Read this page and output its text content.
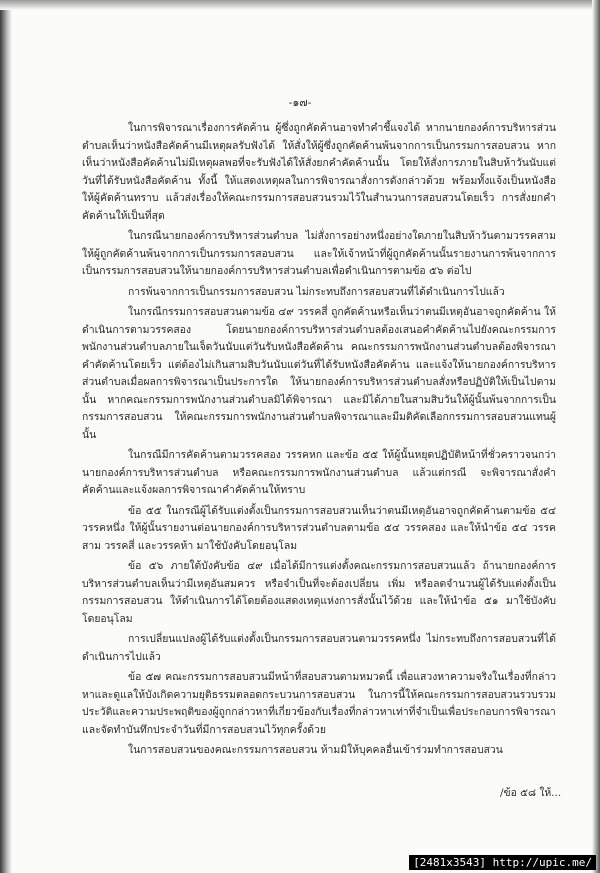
-๑๗-

ในการพิจารณาเรื่องการคัดค้าน ผู้ซึ่งถูกคัดค้านอาจทำคำชี้แจงได้ หากนายกองค์การบริหารส่วนตำบลเห็นว่าหนังสือคัดค้านมีเหตุผลรับฟังได้ ให้สั่งให้ผู้ซึ่งถูกคัดค้านพ้นจากการเป็นกรรมการสอบสวน หากเห็นว่าหนังสือคัดค้านไม่มีเหตุผลพอที่จะรับฟังได้ให้สั่งยกคำคัดค้านนั้น โดยให้สั่งการภายในสิบห้าวันนับแต่วันที่ได้รับหนังสือคัดค้าน ทั้งนี้ ให้แสดงเหตุผลในการพิจารณาสั่งการดังกล่าวด้วย พร้อมทั้งแจ้งเป็นหนังสือให้ผู้คัดค้านทราบ แล้วส่งเรื่องให้คณะกรรมการสอบสวนรวมไว้ในสำนวนการสอบสวนโดยเร็ว การสั่งยกคำคัดค้านให้เป็นที่สุด

ในกรณีนายกองค์การบริหารส่วนตำบล ไม่สั่งการอย่างหนึ่งอย่างใดภายในสิบห้าวันตามวรรคสาม ให้ผู้ถูกคัดค้านพ้นจากการเป็นกรรมการสอบสวน และให้เจ้าหน้าที่ผู้ถูกคัดค้านนั้นรายงานการพ้นจากการเป็นกรรมการสอบสวนให้นายกองค์การบริหารส่วนตำบลเพื่อดำเนินการตามข้อ ๕๖ ต่อไป

การพ้นจากการเป็นกรรมการสอบสวน ไม่กระทบถึงการสอบสวนที่ได้ดำเนินการไปแล้ว

ในกรณีกรรมการสอบสวนตามข้อ ๔๙ วรรคสี่ ถูกคัดค้านหรือเห็นว่าตนมีเหตุอันอาจถูกคัดค้าน ให้ดำเนินการตามวรรคสอง โดยนายกองค์การบริหารส่วนตำบลต้องเสนอคำคัดค้านไปยังคณะกรรมการพนักงานส่วนตำบลภายในเจ็ดวันนับแต่วันรับหนังสือคัดค้าน คณะกรรมการพนักงานส่วนตำบลต้องพิจารณาคำคัดค้านโดยเร็ว แต่ต้องไม่เกินสามสิบวันนับแต่วันที่ได้รับหนังสือคัดค้าน และแจ้งให้นายกองค์การบริหารส่วนตำบลเมื่อผลการพิจารณาเป็นประการใด ให้นายกองค์การบริหารส่วนตำบลสั่งหรือปฏิบัติให้เป็นไปตามนั้น หากคณะกรรมการพนักงานส่วนตำบลมิได้พิจารณา และมิได้ภายในสามสิบวันให้ผู้นั้นพ้นจากการเป็นกรรมการสอบสวน ให้คณะกรรมการพนักงานส่วนตำบลพิจารณาและมีมติคัดเลือกกรรมการสอบสวนแทนผู้นั้น

ในกรณีมีการคัดค้านตามวรรคสอง วรรคหก และข้อ ๕๕ ให้ผู้นั้นหยุดปฏิบัติหน้าที่ชั่วคราวจนกว่านายกองค์การบริหารส่วนตำบล หรือคณะกรรมการพนักงานส่วนตำบล แล้วแต่กรณี จะพิจารณาสั่งคำคัดค้านและแจ้งผลการพิจารณาคำคัดค้านให้ทราบ

ข้อ ๕๕ ในกรณีผู้ได้รับแต่งตั้งเป็นกรรมการสอบสวนเห็นว่าตนมีเหตุอันอาจถูกคัดค้านตามข้อ ๕๔ วรรคหนึ่ง ให้ผู้นั้นรายงานต่อนายกองค์การบริหารส่วนตำบลตามข้อ ๕๔ วรรคสอง และให้นำข้อ ๕๔ วรรคสาม วรรคสี่ และวรรคห้า มาใช้บังคับโดยอนุโลม

ข้อ ๕๖ ภายใต้บังคับข้อ ๔๙ เมื่อได้มีการแต่งตั้งคณะกรรมการสอบสวนแล้ว ถ้านายกองค์การบริหารส่วนตำบลเห็นว่ามีเหตุอันสมควร หรือจำเป็นที่จะต้องเปลี่ยน เพิ่ม หรือลดจำนวนผู้ได้รับแต่งตั้งเป็นกรรมการสอบสวน ให้ดำเนินการได้โดยต้องแสดงเหตุแห่งการสั่งนั้นไว้ด้วย และให้นำข้อ ๕๑ มาใช้บังคับโดยอนุโลม

การเปลี่ยนแปลงผู้ได้รับแต่งตั้งเป็นกรรมการสอบสวนตามวรรคหนึ่ง ไม่กระทบถึงการสอบสวนที่ได้ดำเนินการไปแล้ว

ข้อ ๕๗ คณะกรรมการสอบสวนมีหน้าที่สอบสวนตามหมวดนี้ เพื่อแสวงหาความจริงในเรื่องที่กล่าวหาและดูแลให้บังเกิดความยุติธรรมตลอดกระบวนการสอบสวน ในการนี้ให้คณะกรรมการสอบสวนรวบรวมประวัติและความประพฤติของผู้ถูกกล่าวหาที่เกี่ยวข้องกับเรื่องที่กล่าวหาเท่าที่จำเป็นเพื่อประกอบการพิจารณา และจัดทำบันทึกประจำวันที่มีการสอบสวนไว้ทุกครั้งด้วย

ในการสอบสวนของคณะกรรมการสอบสวน ห้ามมิให้บุคคลอื่นเข้าร่วมทำการสอบสวน

/ข้อ ๕๘ ให้...
[2481x3543] http://upic.me/
